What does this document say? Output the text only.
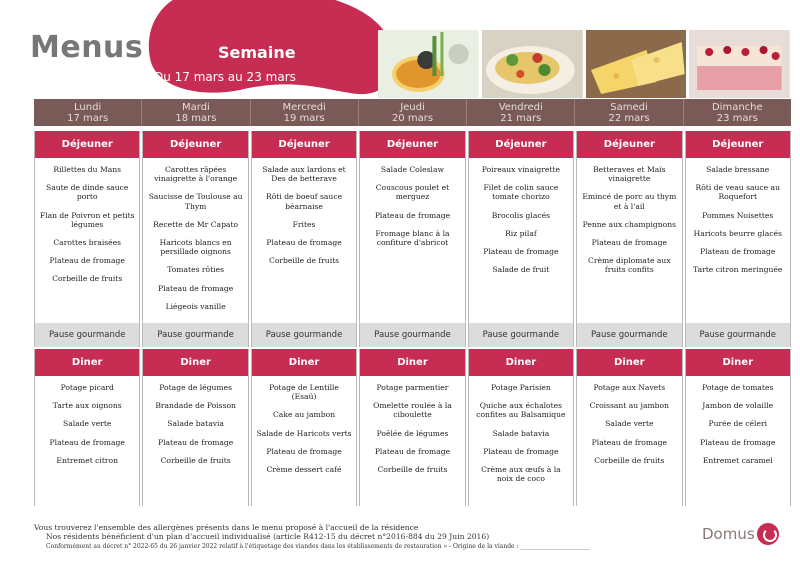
Menus	Semaine
Du 17 mars au 23 mars
Lundi
17 mars
Mardi
18 mars
Mercredi
19 mars
Jeudi
20 mars
Vendredi
21 mars
Samedi
22 mars
Dimanche
23 mars
Déjeuner
Rillettes du Mans
Saute de dinde sauce porto
Flan de Poivron et petits légumes
Carottes braisées
Plateau de fromage
Corbeille de fruits
Pause gourmande
Déjeuner
Carottes râpées vinaigrette à l'orange
Saucisse de Toulouse au Thym
Recette de Mr Capato
Haricots blancs en persillade oignons
Tomates rôties
Plateau de fromage
Liégeois vanille
Pause gourmande
Déjeuner
Salade aux lardons et Des de betterave
Rôti de boeuf sauce béarnaise
Frites
Plateau de fromage
Corbeille de fruits
Pause gourmande
Déjeuner
Salade Coleslaw
Couscous poulet et merguez
Plateau de fromage
Fromage blanc à la confiture d'abricot
Pause gourmande
Déjeuner
Poireaux vinaigrette
Filet de colin sauce tomate chorizo
Brocolis glacés
Riz pilaf
Plateau de fromage
Salade de fruit
Pause gourmande
Déjeuner
Betteraves et Maïs vinaigrette
Emincé de porc au thym et à l'ail
Penne aux champignons
Plateau de fromage
Crème diplomate aux fruits confits
Pause gourmande
Déjeuner
Salade bressane
Rôti de veau sauce au Roquefort
Pommes Noisettes
Haricots beurre glacés
Plateau de fromage
Tarte citron meringuée
Pause gourmande
Diner
Potage picard
Tarte aux oignons
Salade verte
Plateau de fromage
Entremet citron
Diner
Potage de légumes
Brandade de Poisson
Salade batavia
Plateau de fromage
Corbeille de fruits
Diner
Potage de Lentille (Esaü)
Cake au jambon
Salade de Haricots verts
Plateau de fromage
Crème dessert café
Diner
Potage parmentier
Omelette roulée à la ciboulette
Poêlée de légumes
Plateau de fromage
Corbeille de fruits
Diner
Potage Parisien
Quiche aux échalotes confites au Balsamique
Salade batavia
Plateau de fromage
Crème aux œufs à la noix de coco
Diner
Potage aux Navets
Croissant au jambon
Salade verte
Plateau de fromage
Corbeille de fruits
Diner
Potage de tomates
Jambon de volaille
Purée de céleri
Plateau de fromage
Entremet caramel
Vous trouverez l'ensemble des allergènes présents dans le menu proposé à l'accueil de la résidence
Nos résidents bénéficient d'un plan d'accueil individualisé (article R412-15 du décret n°2016-884 du 29 Juin 2016)
Conformément au décret n° 2022-65 du 26 janvier 2022 relatif à l'étiquetage des viandes dans les établissements de restauration » - Origine de la viande : _______________________
Domus
